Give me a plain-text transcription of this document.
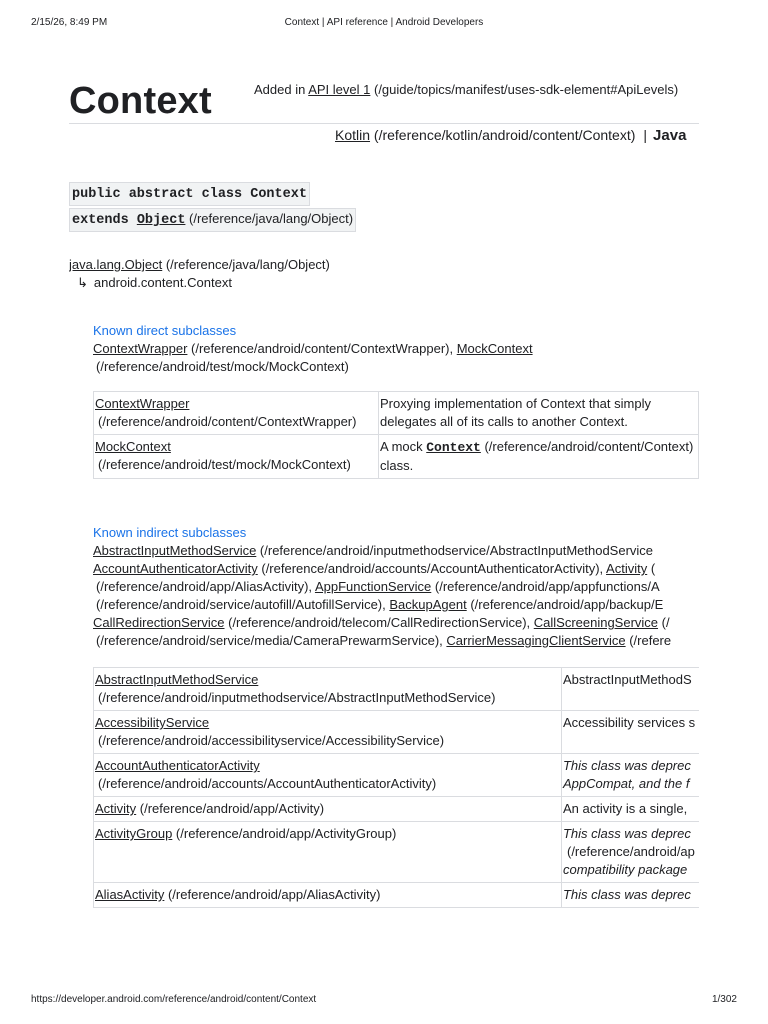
2/15/26, 8:49 PM	Context | API reference | Android Developers
Context	Added in API level 1 (/guide/topics/manifest/uses-sdk-element#ApiLevels)
Kotlin (/reference/kotlin/android/content/Context) | Java
public abstract class Context
extends Object (/reference/java/lang/Object)
java.lang.Object (/reference/java/lang/Object)
↳ android.content.Context
Known direct subclasses
ContextWrapper (/reference/android/content/ContextWrapper), MockContext
(/reference/android/test/mock/MockContext)
ContextWrapper
(/reference/android/content/ContextWrapper)	Proxying implementation of Context that simply delegates all of its calls to another Context.
MockContext
(/reference/android/test/mock/MockContext)	A mock Context (/reference/android/content/Context) class.
Known indirect subclasses
AbstractInputMethodService (/reference/android/inputmethodservice/AbstractInputMethodService
AccountAuthenticatorActivity (/reference/android/accounts/AccountAuthenticatorActivity), Activity (
(/reference/android/app/AliasActivity), AppFunctionService (/reference/android/app/appfunctions/A
(/reference/android/service/autofill/AutofillService), BackupAgent (/reference/android/app/backup/E
CallRedirectionService (/reference/android/telecom/CallRedirectionService), CallScreeningService (/
(/reference/android/service/media/CameraPrewarmService), CarrierMessagingClientService (/refere
AbstractInputMethodService
(/reference/android/inputmethodservice/AbstractInputMethodService)	AbstractInputMethodS
AccessibilityService
(/reference/android/accessibilityservice/AccessibilityService)	Accessibility services s
AccountAuthenticatorActivity
(/reference/android/accounts/AccountAuthenticatorActivity)	This class was deprec
AppCompat, and the f

Activity (/reference/android/app/Activity)	An activity is a single,
ActivityGroup (/reference/android/app/ActivityGroup)	This class was deprec
(/reference/android/ap
compatibility package

AliasActivity (/reference/android/app/AliasActivity)	This class was deprec
https://developer.android.com/reference/android/content/Context	1/302
